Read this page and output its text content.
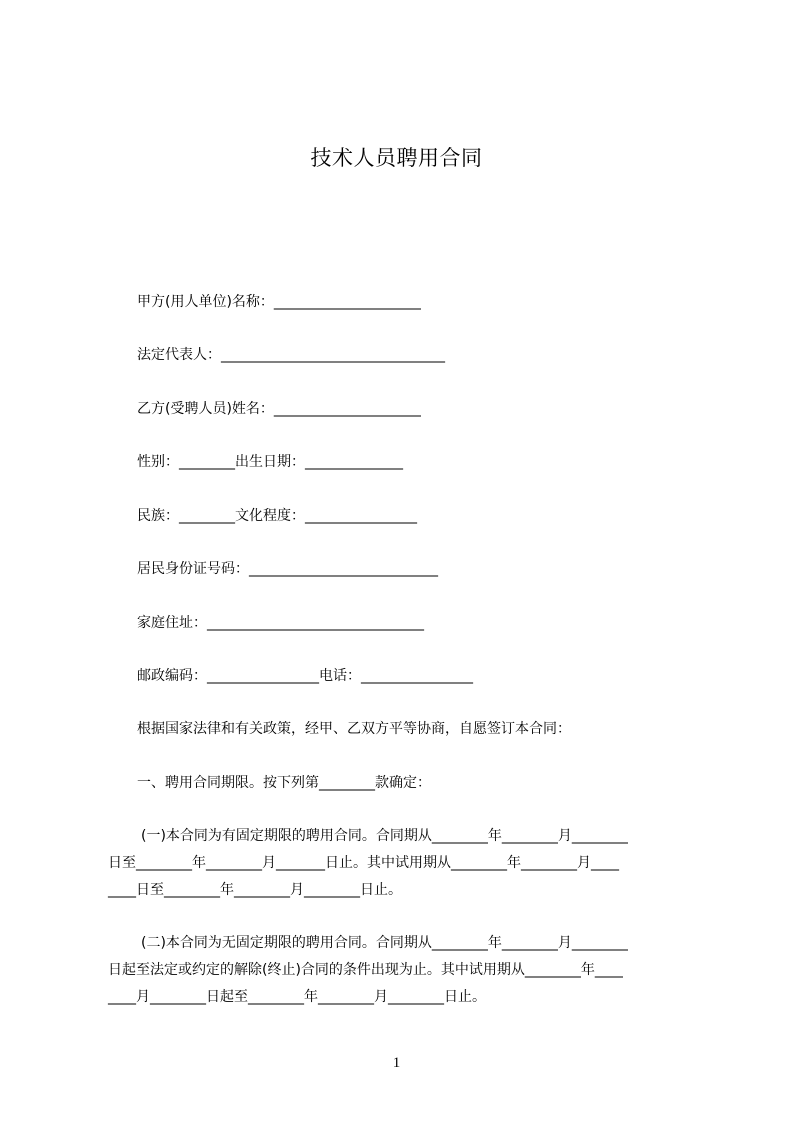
技术人员聘用合同
甲方(用人单位)名称：_____________________
法定代表人：________________________________
乙方(受聘人员)姓名：_____________________
性别：________出生日期：______________
民族：________文化程度：________________
居民身份证号码：___________________________
家庭住址：_______________________________
邮政编码：________________电话：________________
根据国家法律和有关政策，经甲、乙双方平等协商，自愿签订本合同：
一、聘用合同期限。按下列第________款确定：
(一)本合同为有固定期限的聘用合同。合同期从________年________月________
日至________年________月_______日止。其中试用期从________年________月____
____日至________年________月________日止。
(二)本合同为无固定期限的聘用合同。合同期从________年________月________
日起至法定或约定的解除(终止)合同的条件出现为止。其中试用期从________年____
____月________日起至________年________月________日止。
1
